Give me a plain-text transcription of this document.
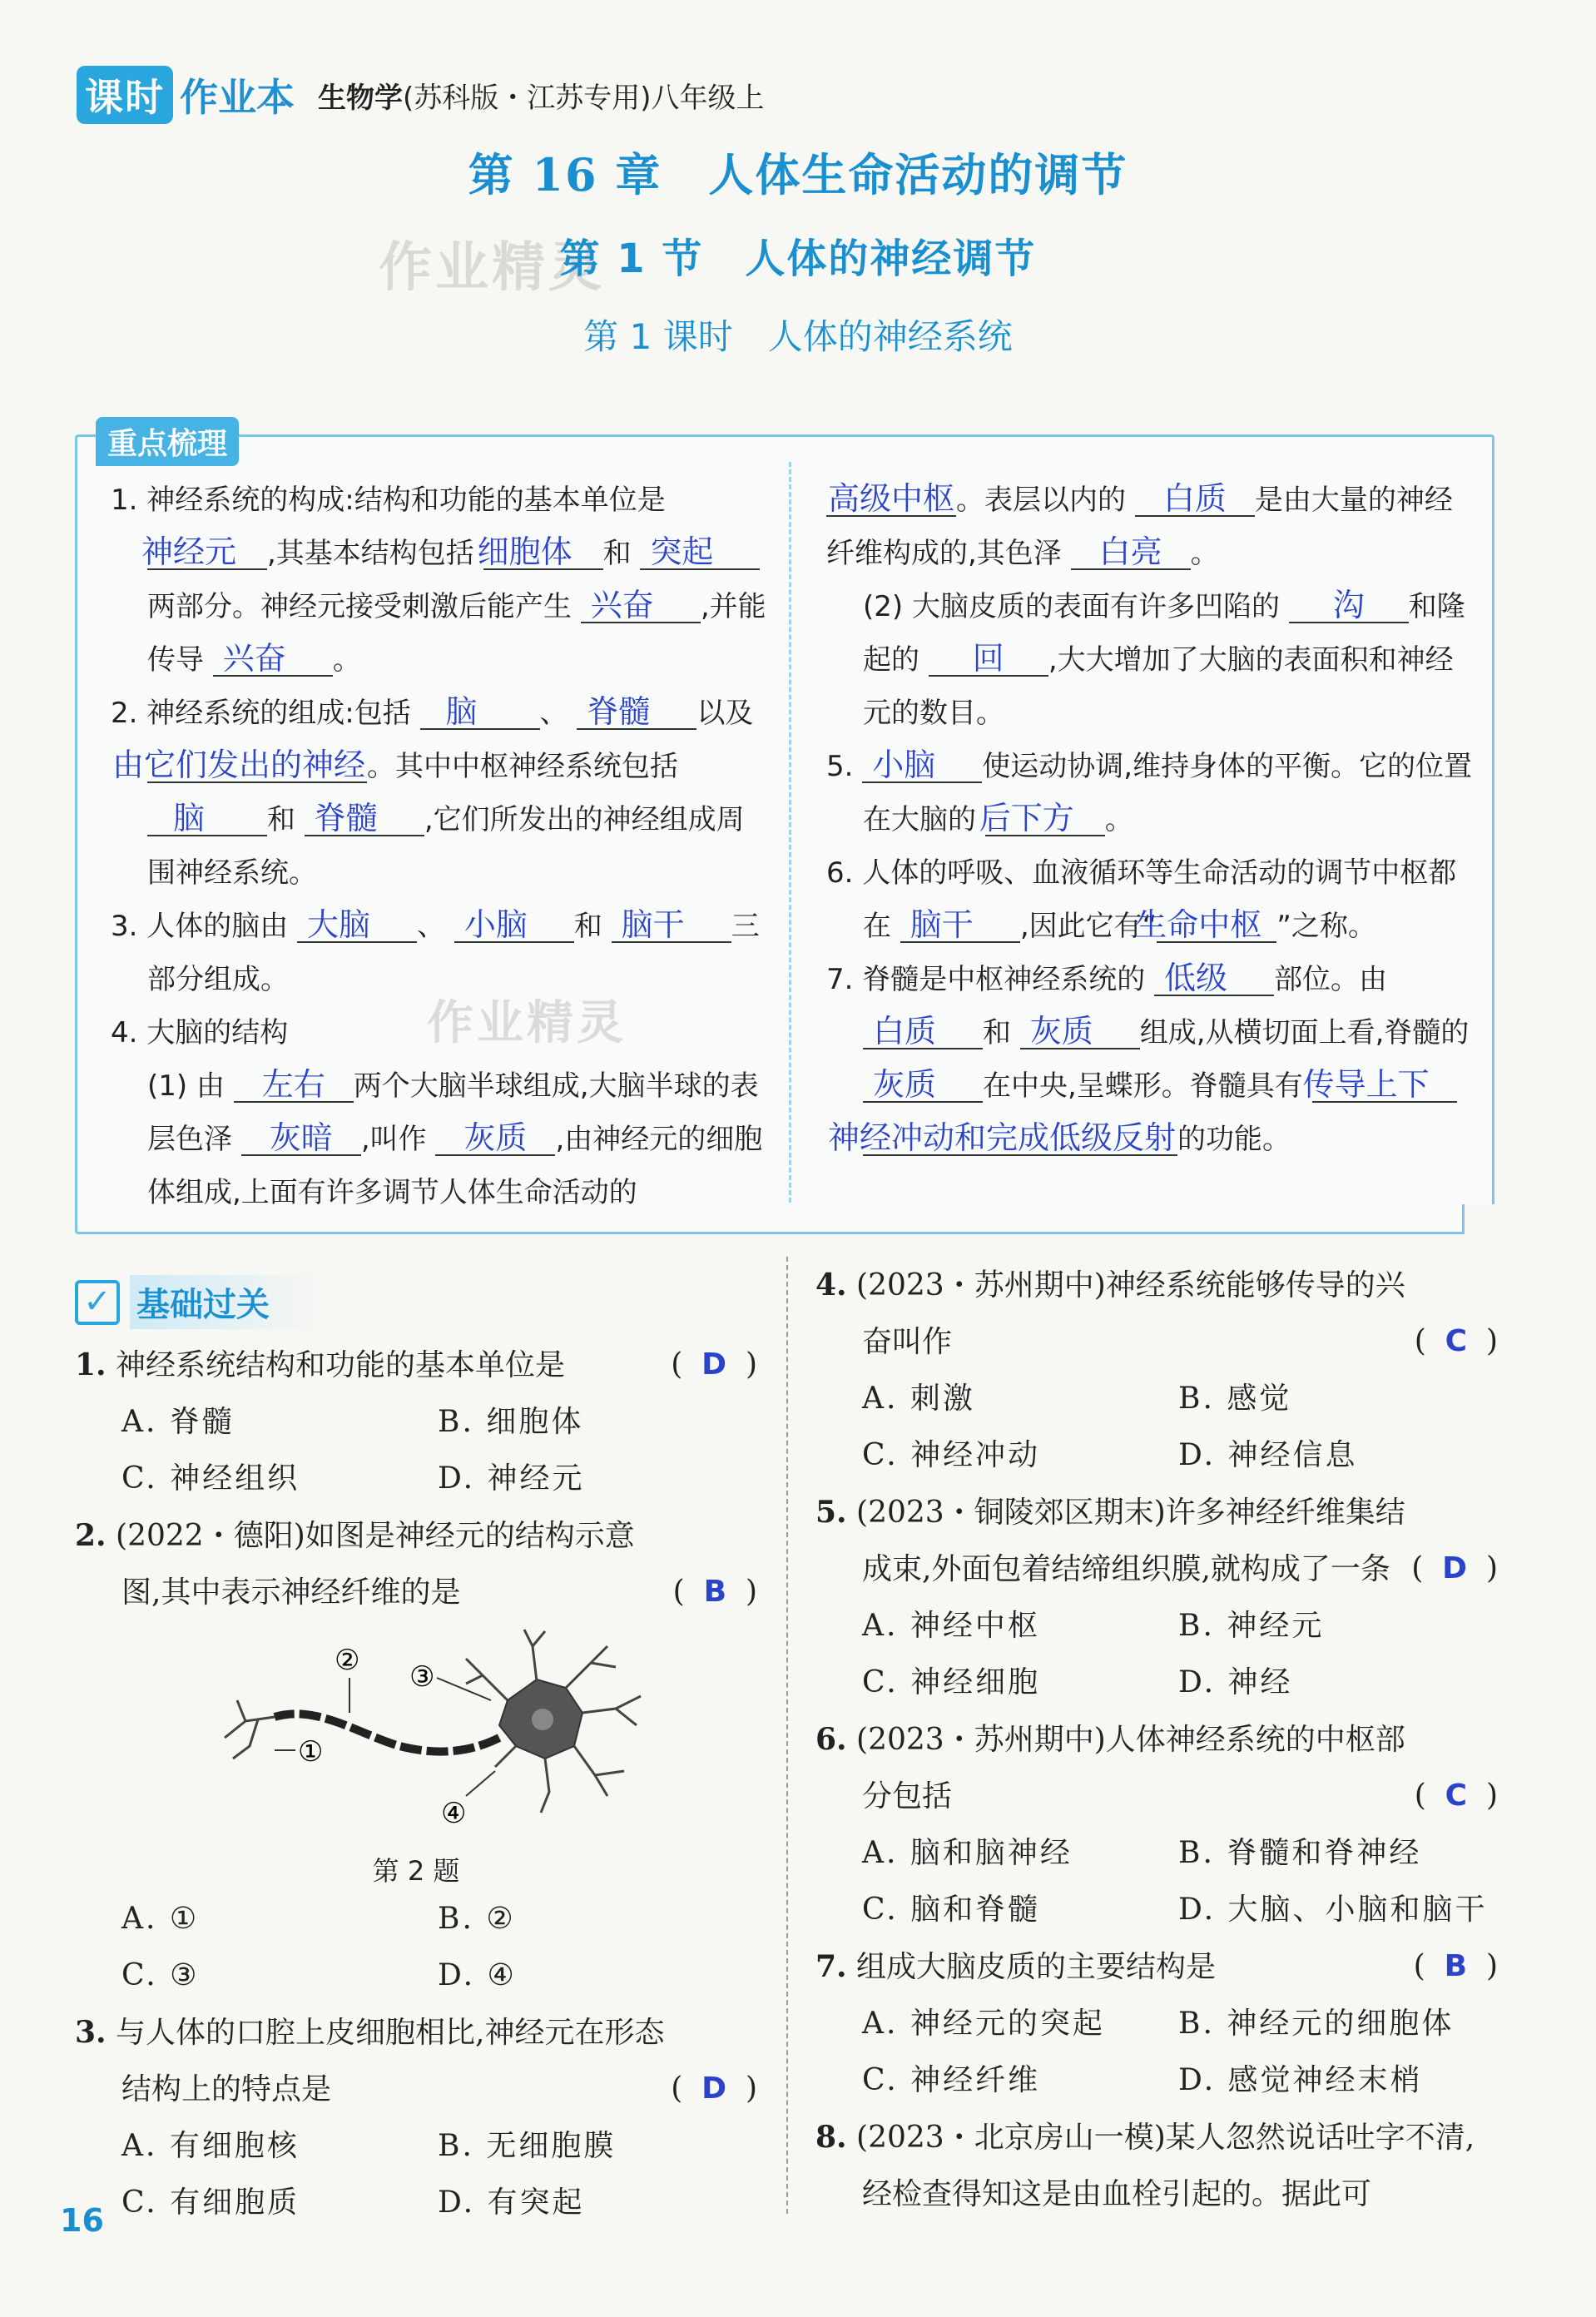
课时 作业本 生物学(苏科版・江苏专用)八年级上
第 16 章　人体生命活动的调节
作业精灵
第 1 节　人体的神经调节
第 1 课时　人体的神经系统
重点梳理
作业精灵

1. 神经系统的构成:结构和功能的基本单位是 神经元 ,其基本结构包括 细胞体 和 突起两部分。神经元接受刺激后能产生 兴奋 ,并能传导 兴奋 。

2. 神经系统的组成:包括 脑 、 脊髓 以及 由它们发出的神经。其中中枢神经系统包括 脑 和 脊髓 ,它们所发出的神经组成周围神经系统。

3. 人体的脑由 大脑 、 小脑 和 脑干 三部分组成。

4. 大脑的结构

(1) 由 左右 两个大脑半球组成,大脑半球的表层色泽 灰暗 ,叫作 灰质 ,由神经元的细胞体组成,上面有许多调节人体生命活动的

高级中枢。表层以内的 白质 是由大量的神经纤维构成的,其色泽 白亮 。

(2) 大脑皮质的表面有许多凹陷的 沟 和隆起的 回 ,大大增加了大脑的表面积和神经元的数目。

5. 小脑 使运动协调,维持身体的平衡。它的位置在大脑的 后下方 。

6. 人体的呼吸、血液循环等生命活动的调节中枢都在 脑干 ,因此它有“生命中枢 ”之称。

7. 脊髓是中枢神经系统的 低级 部位。由 白质 和 灰质 组成,从横切面上看,脊髓的 灰质 在中央,呈蝶形。脊髓具有 传导上下 神经冲动和完成低级反射的功能。

✓ 基础过关
1. 神经系统结构和功能的基本单位是	(  D  )
A. 脊髓	B. 细胞体
C. 神经组织	D. 神经元
2. (2022・德阳)如图是神经元的结构示意图,其中表示神经纤维的是	(  B  )
①
② ③
④
第 2 题
A. ①	B. ②
C. ③	D. ④
3. 与人体的口腔上皮细胞相比,神经元在形态结构上的特点是	(  D  )
A. 有细胞核	B. 无细胞膜
C. 有细胞质	D. 有突起
4. (2023・苏州期中)神经系统能够传导的兴奋叫作	(  C  )
A. 刺激	B. 感觉
C. 神经冲动	D. 神经信息
5. (2023・铜陵郊区期末)许多神经纤维集结成束,外面包着结缔组织膜,就构成了一条 (  D  )
A. 神经中枢	B. 神经元
C. 神经细胞	D. 神经
6. (2023・苏州期中)人体神经系统的中枢部分包括	(  C  )
A. 脑和脑神经	B. 脊髓和脊神经
C. 脑和脊髓	D. 大脑、小脑和脑干
7. 组成大脑皮质的主要结构是	(  B  )
A. 神经元的突起	B. 神经元的细胞体
C. 神经纤维	D. 感觉神经末梢
8. (2023・北京房山一模)某人忽然说话吐字不清,经检查得知这是由血栓引起的。据此可
16
